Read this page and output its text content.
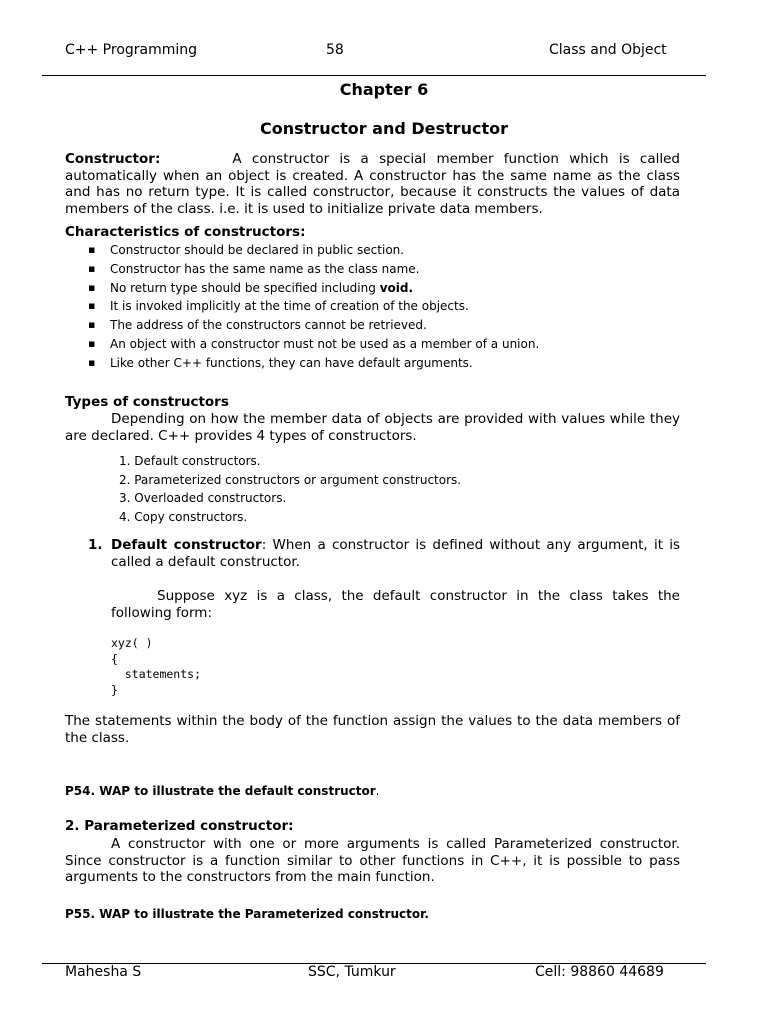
C++ Programming	58	Class and Object
Chapter 6
Constructor and Destructor
Constructor:	A constructor is a special member function which is called automatically when an object is created. A constructor has the same name as the class and has no return type. It is called constructor, because it constructs the values of data members of the class. i.e. it is used to initialize private data members.
Characteristics of constructors:
▪ Constructor should be declared in public section.
▪ Constructor has the same name as the class name.
▪ No return type should be specified including void.
▪ It is invoked implicitly at the time of creation of the objects.
▪ The address of the constructors cannot be retrieved.
▪ An object with a constructor must not be used as a member of a union.
▪ Like other C++ functions, they can have default arguments.
Types of constructors
Depending on how the member data of objects are provided with values while they are declared. C++ provides 4 types of constructors.
1. Default constructors.
2. Parameterized constructors or argument constructors.
3. Overloaded constructors.
4. Copy constructors.
1. Default constructor: When a constructor is defined without any argument, it is called a default constructor.
Suppose xyz is a class, the default constructor in the class takes the following form:
xyz( )
{
statements;
}
The statements within the body of the function assign the values to the data members of the class.
P54. WAP to illustrate the default constructor.
2. Parameterized constructor:
A constructor with one or more arguments is called Parameterized constructor. Since constructor is a function similar to other functions in C++, it is possible to pass arguments to the constructors from the main function.
P55. WAP to illustrate the Parameterized constructor.
Mahesha S	SSC, Tumkur	Cell: 98860 44689
